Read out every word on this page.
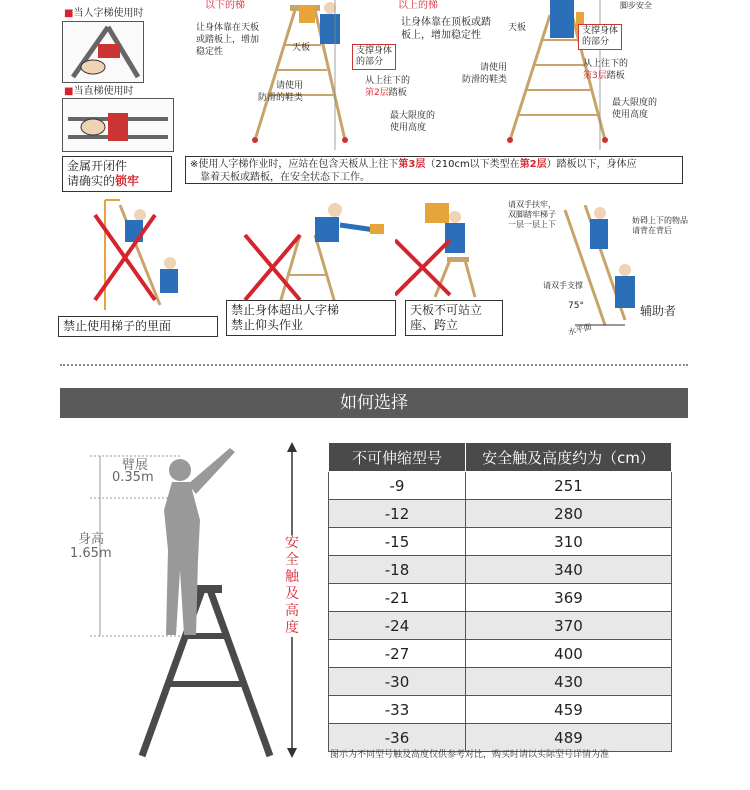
以下的梯	以上的梯	脚步安全
■当人字梯使用时
■当直梯使用时
金属开闭件
请确实的锁牢
让身体靠在天板
或踏板上，增加
稳定性	天板	支撑身体
的部分
请使用
防滑的鞋类
从上往下的
第2层踏板
最大限度的
使用高度
让身体靠在顶板或踏
板上，增加稳定性
天板	支撑身体
的部分
请使用
防滑的鞋类
从上往下的
第3层踏板
最大限度的
使用高度
※使用人字梯作业时，应站在包含天板从上往下第3层（210cm以下类型在第2层）踏板以下，身体应
靠着天板或踏板，在安全状态下工作。
禁止使用梯子的里面
禁止身体超出人字梯
禁止仰头作业
天板不可站立
座、跨立
请双手扶牢，
双脚踏牢梯子
一层一层上下	妨碍上下的物品
请背在背后
请双手支撑
75°
水平面
辅助者
如何选择
臂展
0.35m
身高
1.65m
安全触及高度
不可伸缩型号	安全触及高度约为（cm）
-9	251
-12	280
-15	310
-18	340
-21	369
-24	370
-27	400
-30	430
-33	459
-36	489
图示为不同型号触及高度仅供参考对比，购买时请以实际型号详情为准
